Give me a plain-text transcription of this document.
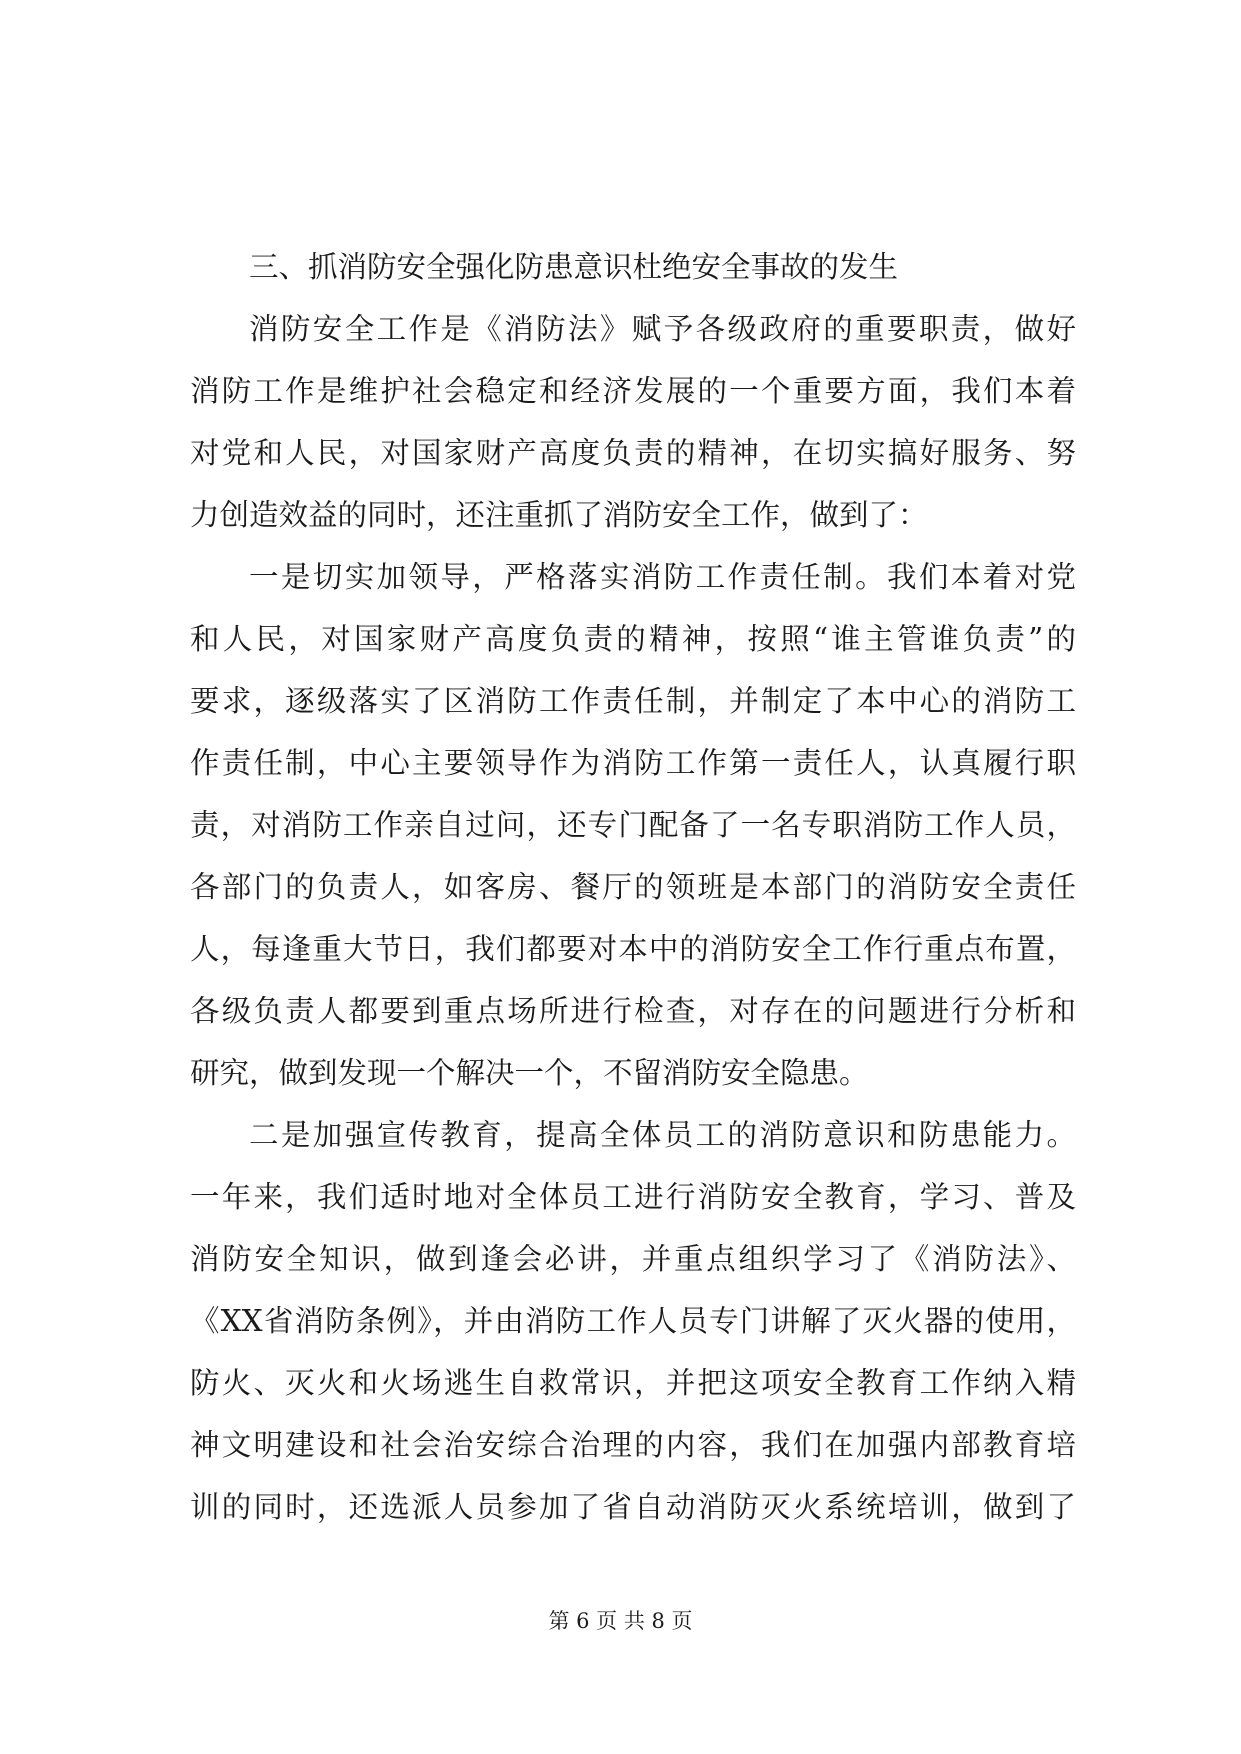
三、抓消防安全强化防患意识杜绝安全事故的发生
消防安全工作是《消防法》赋予各级政府的重要职责，做好
消防工作是维护社会稳定和经济发展的一个重要方面，我们本着
对党和人民，对国家财产高度负责的精神，在切实搞好服务、努
力创造效益的同时，还注重抓了消防安全工作，做到了：
一是切实加领导，严格落实消防工作责任制。我们本着对党
和人民，对国家财产高度负责的精神，按照“谁主管谁负责”的
要求，逐级落实了区消防工作责任制，并制定了本中心的消防工
作责任制，中心主要领导作为消防工作第一责任人，认真履行职
责，对消防工作亲自过问，还专门配备了一名专职消防工作人员，
各部门的负责人，如客房、餐厅的领班是本部门的消防安全责任
人，每逢重大节日，我们都要对本中的消防安全工作行重点布置，
各级负责人都要到重点场所进行检查，对存在的问题进行分析和
研究，做到发现一个解决一个，不留消防安全隐患。
二是加强宣传教育，提高全体员工的消防意识和防患能力。
一年来，我们适时地对全体员工进行消防安全教育，学习、普及
消防安全知识，做到逢会必讲，并重点组织学习了《消防法》、
《XX省消防条例》，并由消防工作人员专门讲解了灭火器的使用，
防火、灭火和火场逃生自救常识，并把这项安全教育工作纳入精
神文明建设和社会治安综合治理的内容，我们在加强内部教育培
训的同时，还选派人员参加了省自动消防灭火系统培训，做到了
第 6 页 共 8 页
